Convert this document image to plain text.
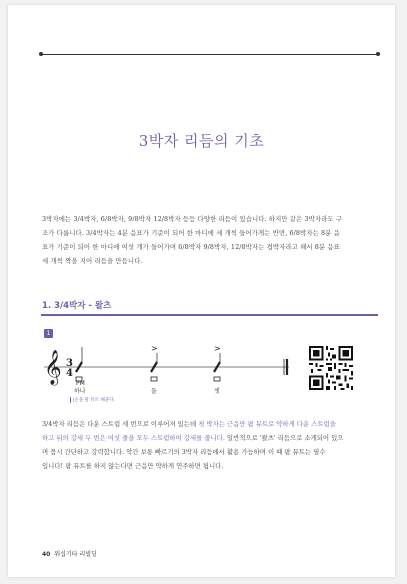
3박자 리듬의 기초

3박자에는 3/4박자, 6/8박자, 9/8박자 12/8박자 등등 다양한 리듬이 있습니다. 하지만 같은 3박자라도 구

조가 다릅니다. 3/4박자는 4분 음표가 기준이 되어 한 마디에 세 개씩 들어가게는 반면, 6/8박자는 8분 음

표가 기준이 되어 한 마디에 여섯 개가 들어가며 6/8박자 9/8박자, 12/8박자는 겹박자라고 해서 8분 음표

세 개씩 짝을 지어 리듬을 만듭니다.

1. 3/4박자 - 왈츠
1
𝄞 3
4
PM
>	>
하나	둘	셋
|손을 팔 뮤트 해준다.

3/4박자 리듬은 다운 스트럽 세 번으로 이루어져 있는데 첫 박자는 근음만 팜 뮤트로 약하게 다운 스트럽을

하고 뒤의 강세 두 번은 여섯 줄을 모두 스트럼하여 강세를 줍니다. 일반적으로 '왈츠' 리듬으로 소개되어 있으

며 몹시 간단하고 강력합니다. 악간 보통 빠르기의 3박자 리듬에서 활용 가능하며 이 때 팜 뮤트는 필수

입니다! 팜 뮤트를 하지 않는다면 근음만 약하게 연주하면 됩니다.

40 워십기타 리빌딩
